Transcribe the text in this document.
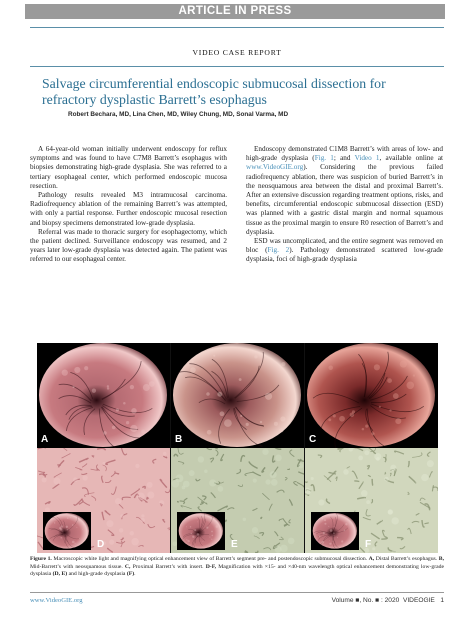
ARTICLE IN PRESS
VIDEO CASE REPORT
Salvage circumferential endoscopic submucosal dissection for refractory dysplastic Barrett’s esophagus
Robert Bechara, MD, Lina Chen, MD, Wiley Chung, MD, Sonal Varma, MD

A 64-year-old woman initially underwent endoscopy for reflux symptoms and was found to have C7M8 Barrett’s esophagus with biopsies demonstrating high-grade dysplasia. She was referred to a tertiary esophageal center, which performed endoscopic mucosa resection.

Pathology results revealed M3 intramucosal carcinoma. Radiofrequency ablation of the remaining Barrett’s was attempted, with only a partial response. Further endoscopic mucosal resection and biopsy specimens demonstrated low-grade dysplasia.

Referral was made to thoracic surgery for esophagectomy, which the patient declined. Surveillance endoscopy was resumed, and 2 years later low-grade dysplasia was detected again. The patient was referred to our esophageal center.

Endoscopy demonstrated C1M8 Barrett’s with areas of low- and high-grade dysplasia (Fig. 1; and Video 1, available online at www.VideoGIE.org). Considering the previous failed radiofrequency ablation, there was suspicion of buried Barrett’s in the neosquamous area between the distal and proximal Barrett’s. After an extensive discussion regarding treatment options, risks, and benefits, circumferential endoscopic submucosal dissection (ESD) was planned with a gastric distal margin and normal squamous tissue as the proximal margin to ensure R0 resection of Barrett’s and dysplasia.

ESD was uncomplicated, and the entire segment was removed en bloc (Fig. 2). Pathology demonstrated scattered low-grade dysplasia, foci of high-grade dysplasia

A	B	C
D	E	F
Figure 1. Macroscopic white light and magnifying optical enhancement view of Barrett’s segment pre- and postendoscopic submucosal dissection. A, Distal Barrett’s esophagus. B, Mid-Barrett’s with neosquamous tissue. C, Proximal Barrett’s with insert. D-F, Magnification with ×15- and ×40-nm wavelength optical enhancement demonstrating low-grade dysplasia (D, E) and high-grade dysplasia (F).
www.VideoGIE.org	Volume ■, No. ■ : 2020  VIDEOGIE   1
